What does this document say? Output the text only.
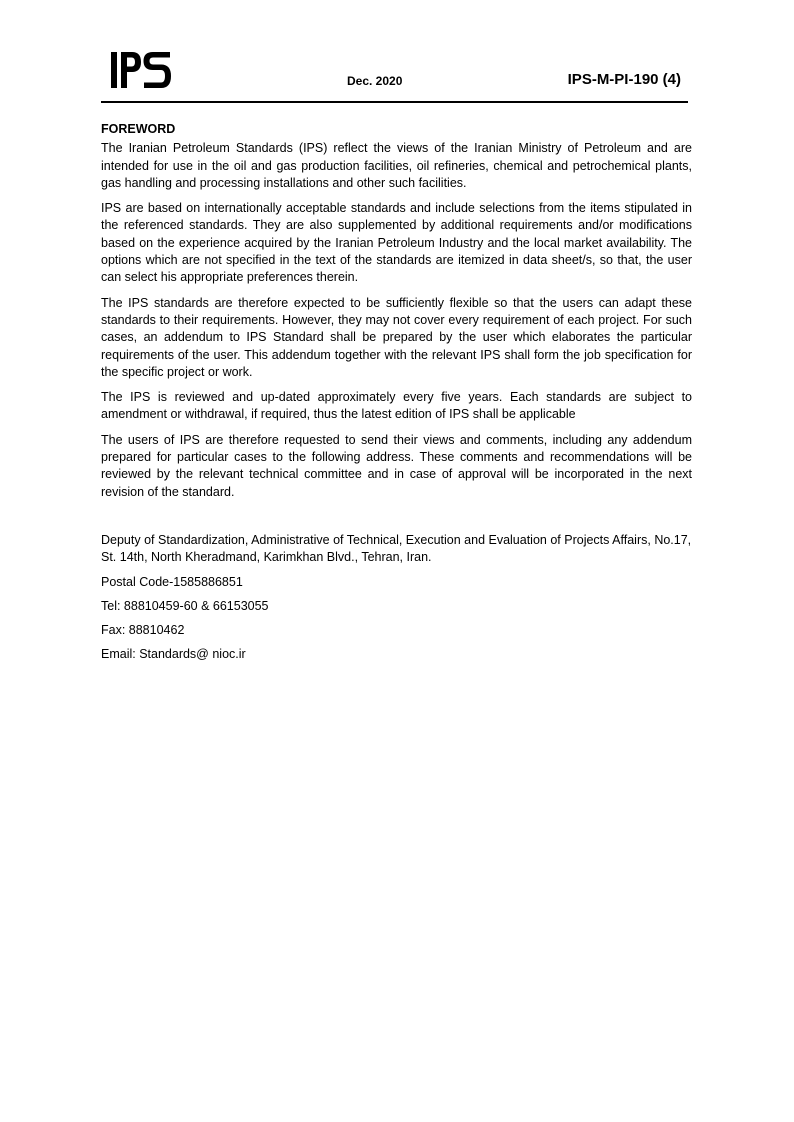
Dec. 2020	IPS-M-PI-190 (4)
FOREWORD

The Iranian Petroleum Standards (IPS) reflect the views of the Iranian Ministry of Petroleum and are intended for use in the oil and gas production facilities, oil refineries, chemical and petrochemical plants, gas handling and processing installations and other such facilities.

IPS are based on internationally acceptable standards and include selections from the items stipulated in the referenced standards. They are also supplemented by additional requirements and/or modifications based on the experience acquired by the Iranian Petroleum Industry and the local market availability. The options which are not specified in the text of the standards are itemized in data sheet/s, so that, the user can select his appropriate preferences therein.

The IPS standards are therefore expected to be sufficiently flexible so that the users can adapt these standards to their requirements. However, they may not cover every requirement of each project. For such cases, an addendum to IPS Standard shall be prepared by the user which elaborates the particular requirements of the user. This addendum together with the relevant IPS shall form the job specification for the specific project or work.

The IPS is reviewed and up-dated approximately every five years. Each standards are subject to amendment or withdrawal, if required, thus the latest edition of IPS shall be applicable

The users of IPS are therefore requested to send their views and comments, including any addendum prepared for particular cases to the following address. These comments and recommendations will be reviewed by the relevant technical committee and in case of approval will be incorporated in the next revision of the standard.

Deputy of Standardization, Administrative of Technical, Execution and Evaluation of Projects Affairs, No.17, St. 14th, North Kheradmand, Karimkhan Blvd., Tehran, Iran.
Postal Code-1585886851
Tel: 88810459-60 & 66153055
Fax: 88810462
Email: Standards@ nioc.ir
